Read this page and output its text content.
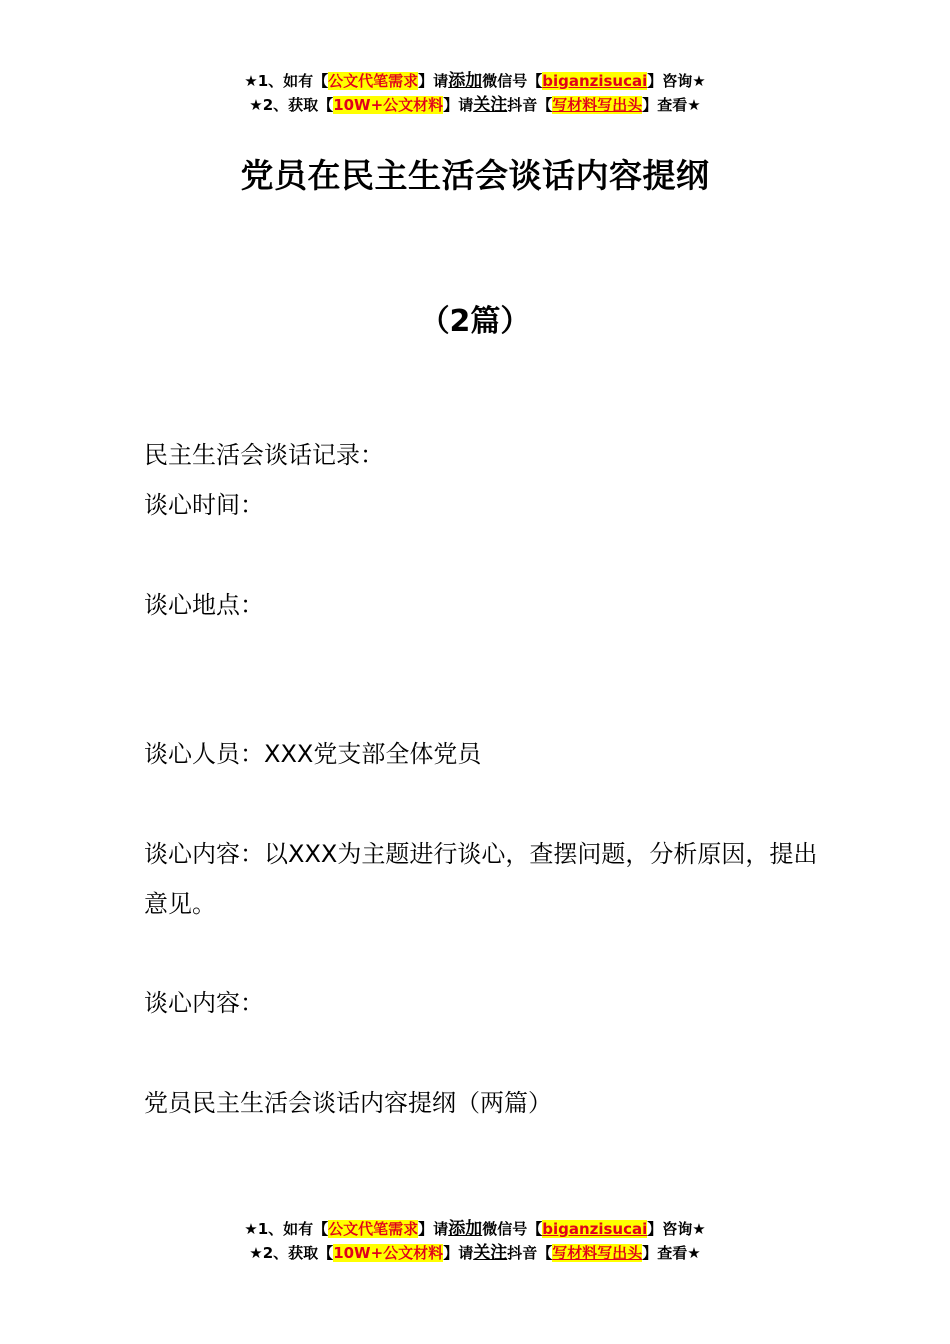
★1、如有【公文代笔需求】请添加微信号【biganzisucai】咨询★
★2、获取【10W+公文材料】请关注抖音【写材料写出头】查看★
党员在民主生活会谈话内容提纲
（2篇）

民主生活会谈话记录：

谈心时间：

谈心地点：

谈心人员：XXX党支部全体党员

谈心内容：以XXX为主题进行谈心，查摆问题，分析原因，提出意见。

谈心内容：

党员民主生活会谈话内容提纲（两篇）

★1、如有【公文代笔需求】请添加微信号【biganzisucai】咨询★
★2、获取【10W+公文材料】请关注抖音【写材料写出头】查看★
